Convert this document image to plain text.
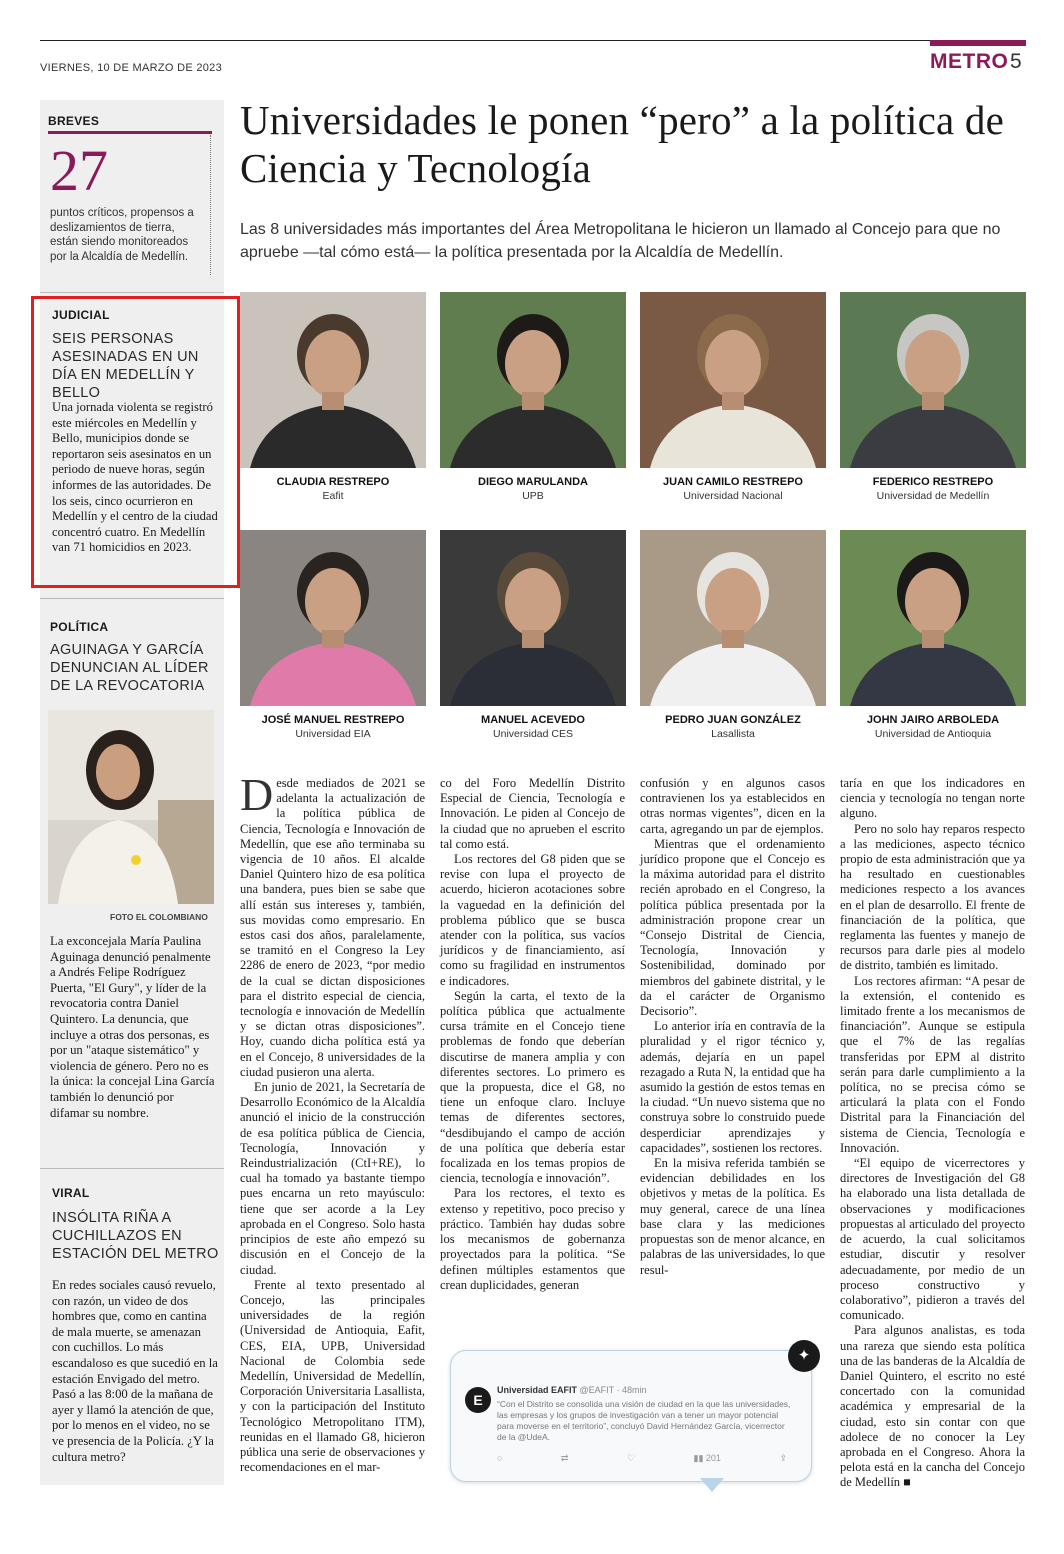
VIERNES, 10 DE MARZO DE 2023	METRO 5
BREVES
27
puntos críticos, propensos a deslizamientos de tierra, están siendo monitoreados por la Alcaldía de Medellín.
JUDICIAL
SEIS PERSONAS ASESINADAS EN UN DÍA EN MEDELLÍN Y BELLO
Una jornada violenta se registró este miércoles en Medellín y Bello, municipios donde se reportaron seis asesinatos en un periodo de nueve horas, según informes de las autoridades. De los seis, cinco ocurrieron en Medellín y el centro de la ciudad concentró cuatro. En Medellín van 71 homicidios en 2023.
POLÍTICA
AGUINAGA Y GARCÍA DENUNCIAN AL LÍDER DE LA REVOCATORIA
FOTO EL COLOMBIANO
La exconcejala María Paulina Aguinaga denunció penalmente a Andrés Felipe Rodríguez Puerta, "El Gury", y líder de la revocatoria contra Daniel Quintero. La denuncia, que incluye a otras dos personas, es por un "ataque sistemático" y violencia de género. Pero no es la única: la concejal Lina García también lo denunció por difamar su nombre.
VIRAL
INSÓLITA RIÑA A CUCHILLAZOS EN ESTACIÓN DEL METRO
En redes sociales causó revuelo, con razón, un video de dos hombres que, como en cantina de mala muerte, se amenazan con cuchillos. Lo más escandaloso es que sucedió en la estación Envigado del metro. Pasó a las 8:00 de la mañana de ayer y llamó la atención de que, por lo menos en el video, no se ve presencia de la Policía. ¿Y la cultura metro?
Universidades le ponen “pero” a la política de Ciencia y Tecnología
Las 8 universidades más importantes del Área Metropolitana le hicieron un llamado al Concejo para que no apruebe —tal cómo está— la política presentada por la Alcaldía de Medellín.
CLAUDIA RESTREPO
Eafit
DIEGO MARULANDA
UPB
JUAN CAMILO RESTREPO
Universidad Nacional
FEDERICO RESTREPO
Universidad de Medellín
JOSÉ MANUEL RESTREPO
Universidad EIA
MANUEL ACEVEDO
Universidad CES
PEDRO JUAN GONZÁLEZ
Lasallista
JOHN JAIRO ARBOLEDA
Universidad de Antioquia

Desde mediados de 2021 se adelanta la actualización de la política pública de Ciencia, Tecnología e Innovación de Medellín, que ese año terminaba su vigencia de 10 años. El alcalde Daniel Quintero hizo de esa política una bandera, pues bien se sabe que allí están sus intereses y, también, sus movidas como empresario. En estos casi dos años, paralelamente, se tramitó en el Congreso la Ley 2286 de enero de 2023, “por medio de la cual se dictan disposiciones para el distrito especial de ciencia, tecnología e innovación de Medellín y se dictan otras disposiciones”. Hoy, cuando dicha política está ya en el Concejo, 8 universidades de la ciudad pusieron una alerta.

En junio de 2021, la Secretaría de Desarrollo Económico de la Alcaldía anunció el inicio de la construcción de esa política pública de Ciencia, Tecnología, Innovación y Reindustrialización (CtI+RE), lo cual ha tomado ya bastante tiempo pues encarna un reto mayúsculo: tiene que ser acorde a la Ley aprobada en el Congreso. Solo hasta principios de este año empezó su discusión en el Concejo de la ciudad.

Frente al texto presentado al Concejo, las principales universidades de la región (Universidad de Antioquia, Eafit, CES, EIA, UPB, Universidad Nacional de Colombia sede Medellín, Universidad de Medellín, Corporación Universitaria Lasallista, y con la participación del Instituto Tecnológico Metropolitano ITM), reunidas en el llamado G8, hicieron pública una serie de observaciones y recomendaciones en el mar-

co del Foro Medellín Distrito Especial de Ciencia, Tecnología e Innovación. Le piden al Concejo de la ciudad que no aprueben el escrito tal como está.

Los rectores del G8 piden que se revise con lupa el proyecto de acuerdo, hicieron acotaciones sobre la vaguedad en la definición del problema público que se busca atender con la política, sus vacíos jurídicos y de financiamiento, así como su fragilidad en instrumentos e indicadores.

Según la carta, el texto de la política pública que actualmente cursa trámite en el Concejo tiene problemas de fondo que deberían discutirse de manera amplia y con diferentes sectores. Lo primero es que la propuesta, dice el G8, no tiene un enfoque claro. Incluye temas de diferentes sectores, “desdibujando el campo de acción de una política que debería estar focalizada en los temas propios de ciencia, tecnología e innovación”.

Para los rectores, el texto es extenso y repetitivo, poco preciso y práctico. También hay dudas sobre los mecanismos de gobernanza proyectados para la política. “Se definen múltiples estamentos que crean duplicidades, generan

confusión y en algunos casos contravienen los ya establecidos en otras normas vigentes”, dicen en la carta, agregando un par de ejemplos.

Mientras que el ordenamiento jurídico propone que el Concejo es la máxima autoridad para el distrito recién aprobado en el Congreso, la política pública presentada por la administración propone crear un “Consejo Distrital de Ciencia, Tecnología, Innovación y Sostenibilidad, dominado por miembros del gabinete distrital, y le da el carácter de Organismo Decisorio”.

Lo anterior iría en contravía de la pluralidad y el rigor técnico y, además, dejaría en un papel rezagado a Ruta N, la entidad que ha asumido la gestión de estos temas en la ciudad. “Un nuevo sistema que no construya sobre lo construido puede desperdiciar aprendizajes y capacidades”, sostienen los rectores.

En la misiva referida también se evidencian debilidades en los objetivos y metas de la política. Es muy general, carece de una línea base clara y las mediciones propuestas son de menor alcance, en palabras de las universidades, lo que resul-

taría en que los indicadores en ciencia y tecnología no tengan norte alguno.

Pero no solo hay reparos respecto a las mediciones, aspecto técnico propio de esta administración que ya ha resultado en cuestionables mediciones respecto a los avances en el plan de desarrollo. El frente de financiación de la política, que reglamenta las fuentes y manejo de recursos para darle pies al modelo de distrito, también es limitado.

Los rectores afirman: “A pesar de la extensión, el contenido es limitado frente a los mecanismos de financiación”. Aunque se estipula que el 7% de las regalías transferidas por EPM al distrito serán para darle cumplimiento a la política, no se precisa cómo se articulará la plata con el Fondo Distrital para la Financiación del sistema de Ciencia, Tecnología e Innovación.

“El equipo de vicerrectores y directores de Investigación del G8 ha elaborado una lista detallada de observaciones y modificaciones propuestas al articulado del proyecto de acuerdo, la cual solicitamos estudiar, discutir y resolver adecuadamente, por medio de un proceso constructivo y colaborativo”, pidieron a través del comunicado.

Para algunos analistas, es toda una rareza que siendo esta política una de las banderas de la Alcaldía de Daniel Quintero, el escrito no esté concertado con la comunidad académica y empresarial de la ciudad, esto sin contar con que adolece de no conocer la Ley aprobada en el Congreso. Ahora la pelota está en la cancha del Concejo de Medellín ■

E
Universidad EAFIT @EAFIT · 48min
“Con el Distrito se consolida una visión de ciudad en la que las universidades, las empresas y los grupos de investigación van a tener un mayor potencial para moverse en el territorio”, concluyó David Hernández García, vicerrector de la @UdeA.
○	⇄	♡	▮▮ 201	⇪
✦
